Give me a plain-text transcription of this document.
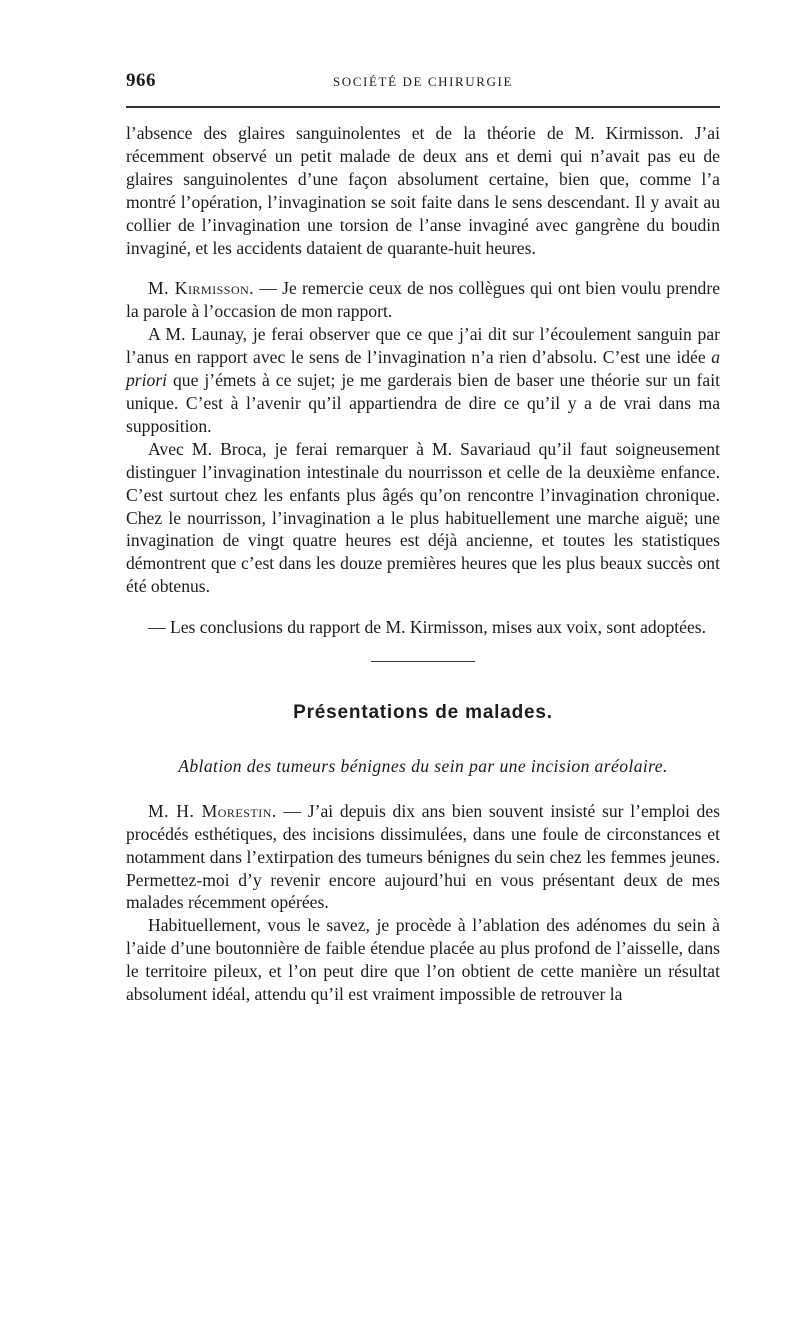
966	SOCIÉTÉ DE CHIRURGIE

l’absence des glaires sanguinolentes et de la théorie de M. Kirmisson. J’ai récemment observé un petit malade de deux ans et demi qui n’avait pas eu de glaires sanguinolentes d’une façon absolument certaine, bien que, comme l’a montré l’opération, l’invagination se soit faite dans le sens descendant. Il y avait au collier de l’invagination une torsion de l’anse invaginé avec gangrène du boudin invaginé, et les accidents dataient de quarante-huit heures.

M. Kirmisson. — Je remercie ceux de nos collègues qui ont bien voulu prendre la parole à l’occasion de mon rapport.

A M. Launay, je ferai observer que ce que j’ai dit sur l’écoulement sanguin par l’anus en rapport avec le sens de l’invagination n’a rien d’absolu. C’est une idée a priori que j’émets à ce sujet; je me garderais bien de baser une théorie sur un fait unique. C’est à l’avenir qu’il appartiendra de dire ce qu’il y a de vrai dans ma supposition.

Avec M. Broca, je ferai remarquer à M. Savariaud qu’il faut soigneusement distinguer l’invagination intestinale du nourrisson et celle de la deuxième enfance. C’est surtout chez les enfants plus âgés qu’on rencontre l’invagination chronique. Chez le nourrisson, l’invagination a le plus habituellement une marche aiguë; une invagination de vingt quatre heures est déjà ancienne, et toutes les statistiques démontrent que c’est dans les douze premières heures que les plus beaux succès ont été obtenus.

— Les conclusions du rapport de M. Kirmisson, mises aux voix, sont adoptées.

Présentations de malades.
Ablation des tumeurs bénignes du sein par une incision aréolaire.

M. H. Morestin. — J’ai depuis dix ans bien souvent insisté sur l’emploi des procédés esthétiques, des incisions dissimulées, dans une foule de circonstances et notamment dans l’extirpation des tumeurs bénignes du sein chez les femmes jeunes. Permettez-moi d’y revenir encore aujourd’hui en vous présentant deux de mes malades récemment opérées.

Habituellement, vous le savez, je procède à l’ablation des adénomes du sein à l’aide d’une boutonnière de faible étendue placée au plus profond de l’aisselle, dans le territoire pileux, et l’on peut dire que l’on obtient de cette manière un résultat absolument idéal, attendu qu’il est vraiment impossible de retrouver la
